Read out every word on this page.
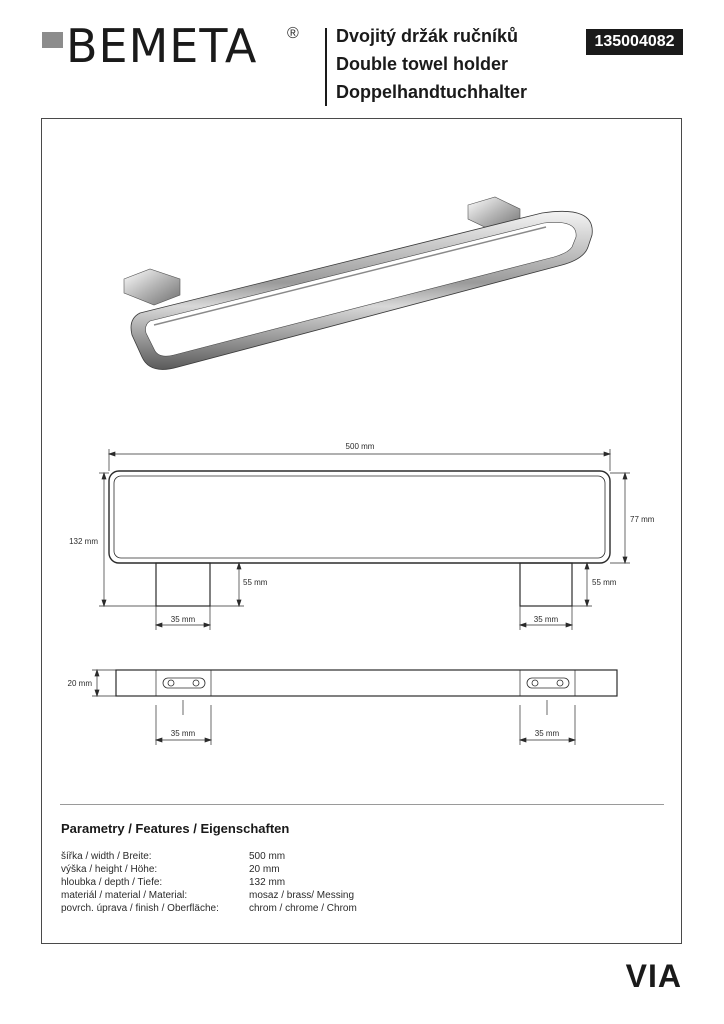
BEMETA ® Dvojitý držák ručníků
Double towel holder
Doppelhandtuchhalter
135004082
500 mm
132 mm
77 mm
55 mm	55 mm
35 mm	35 mm
20 mm
35 mm	35 mm
Parametry / Features / Eigenschaften
šířka / width / Breite:	500 mm
výška / height / Höhe:	20 mm
hloubka / depth / Tiefe:	132 mm
materiál / material / Material:	mosaz / brass/ Messing
povrch. úprava / finish / Oberfläche:	chrom / chrome / Chrom
VIA
